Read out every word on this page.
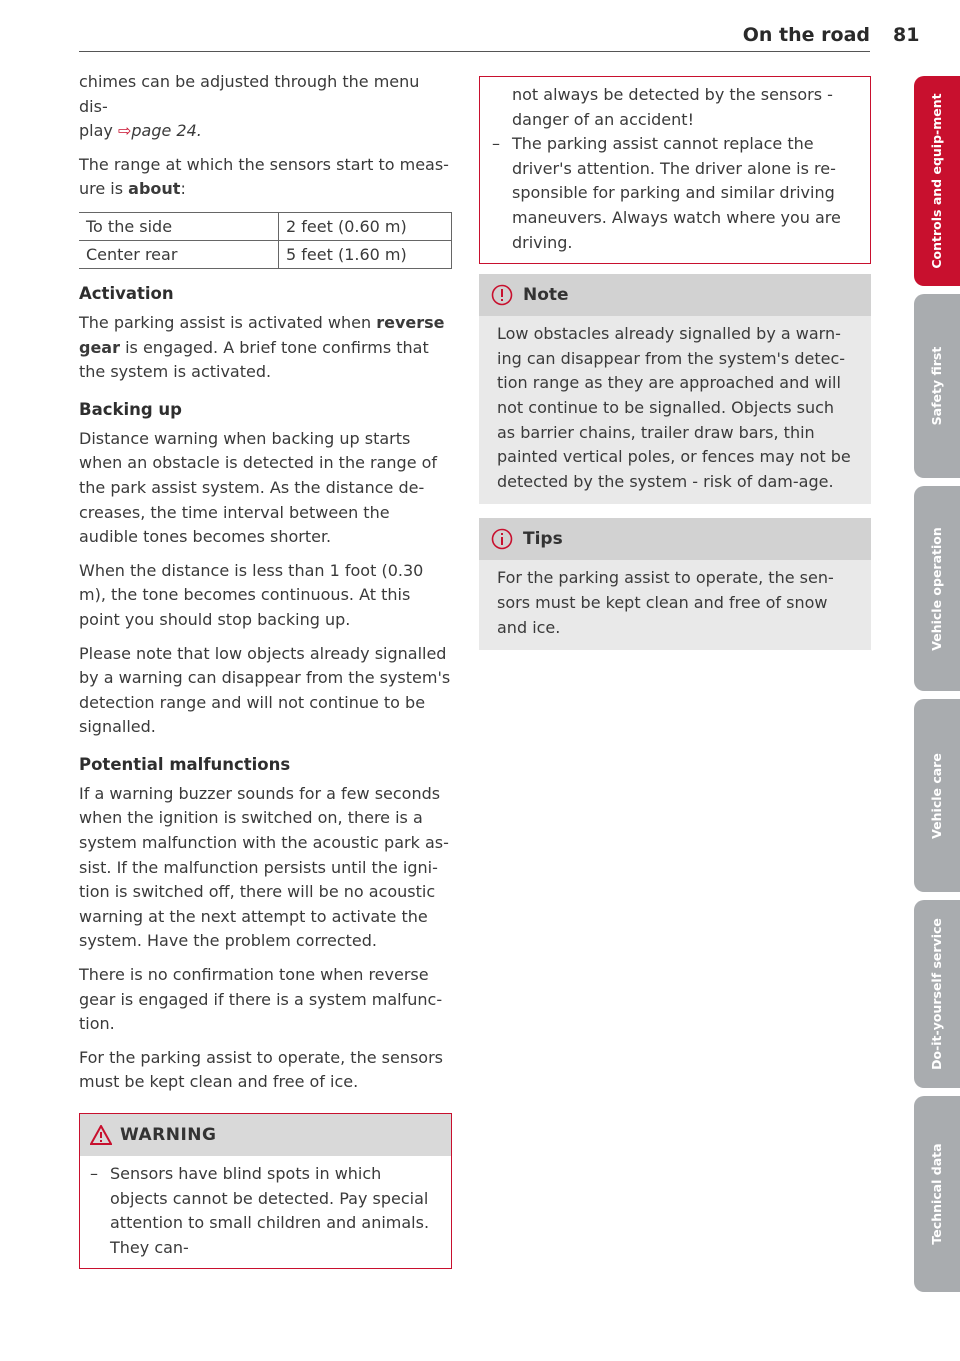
On the road 81

chimes can be adjusted through the menu dis-

play ⇨page 24.

The range at which the sensors start to meas-
ure is about:

To the side	2 feet (0.60 m)
Center rear	5 feet (1.60 m)
Activation

The parking assist is activated when reverse gear is engaged. A brief tone confirms that the system is activated.

Backing up

Distance warning when backing up starts when an obstacle is detected in the range of the park assist system. As the distance de-creases, the time interval between the audible tones becomes shorter.

When the distance is less than 1 foot (0.30 m), the tone becomes continuous. At this point you should stop backing up.

Please note that low objects already signalled by a warning can disappear from the system's detection range and will not continue to be signalled.

Potential malfunctions

If a warning buzzer sounds for a few seconds when the ignition is switched on, there is a system malfunction with the acoustic park as-sist. If the malfunction persists until the igni-tion is switched off, there will be no acoustic warning at the next attempt to activate the system. Have the problem corrected.

There is no confirmation tone when reverse gear is engaged if there is a system malfunc-tion.

For the parking assist to operate, the sensors must be kept clean and free of ice.

WARNING
– Sensors have blind spots in which objects cannot be detected. Pay special attention to small children and animals. They can-

not always be detected by the sensors - danger of an accident!

– The parking assist cannot replace the driver's attention. The driver alone is re-sponsible for parking and similar driving maneuvers. Always watch where you are driving.
Note

Low obstacles already signalled by a warn-ing can disappear from the system's detec-tion range as they are approached and will not continue to be signalled. Objects such as barrier chains, trailer draw bars, thin painted vertical poles, or fences may not be detected by the system - risk of dam-age.

Tips

For the parking assist to operate, the sen-sors must be kept clean and free of snow and ice.

Controls and equip-ment
Safety first
Vehicle operation
Vehicle care
Do-it-yourself service
Technical data
